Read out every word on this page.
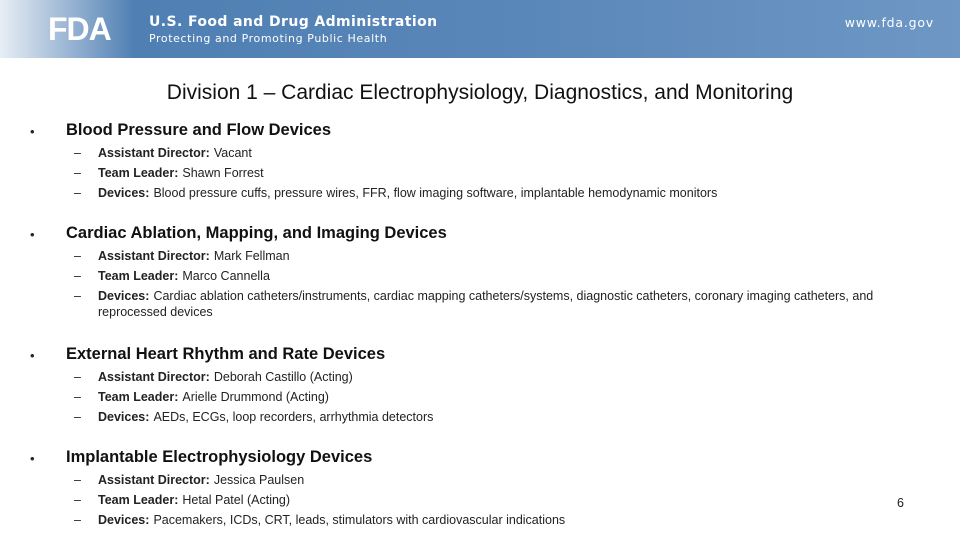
FDA	U.S. Food and Drug Administration
Protecting and Promoting Public Health
www.fda.gov
Division 1 – Cardiac Electrophysiology, Diagnostics, and Monitoring
• Blood Pressure and Flow Devices
– Assistant Director: Vacant
– Team Leader: Shawn Forrest
– Devices: Blood pressure cuffs, pressure wires, FFR, flow imaging software, implantable hemodynamic monitors
• Cardiac Ablation, Mapping, and Imaging Devices
– Assistant Director: Mark Fellman
– Team Leader: Marco Cannella
– Devices: Cardiac ablation catheters/instruments, cardiac mapping catheters/systems, diagnostic catheters, coronary imaging catheters, and reprocessed devices
• External Heart Rhythm and Rate Devices
– Assistant Director: Deborah Castillo (Acting)
– Team Leader: Arielle Drummond (Acting)
– Devices: AEDs, ECGs, loop recorders, arrhythmia detectors
• Implantable Electrophysiology Devices
– Assistant Director: Jessica Paulsen
– Team Leader: Hetal Patel (Acting)
– Devices: Pacemakers, ICDs, CRT, leads, stimulators with cardiovascular indications
6
